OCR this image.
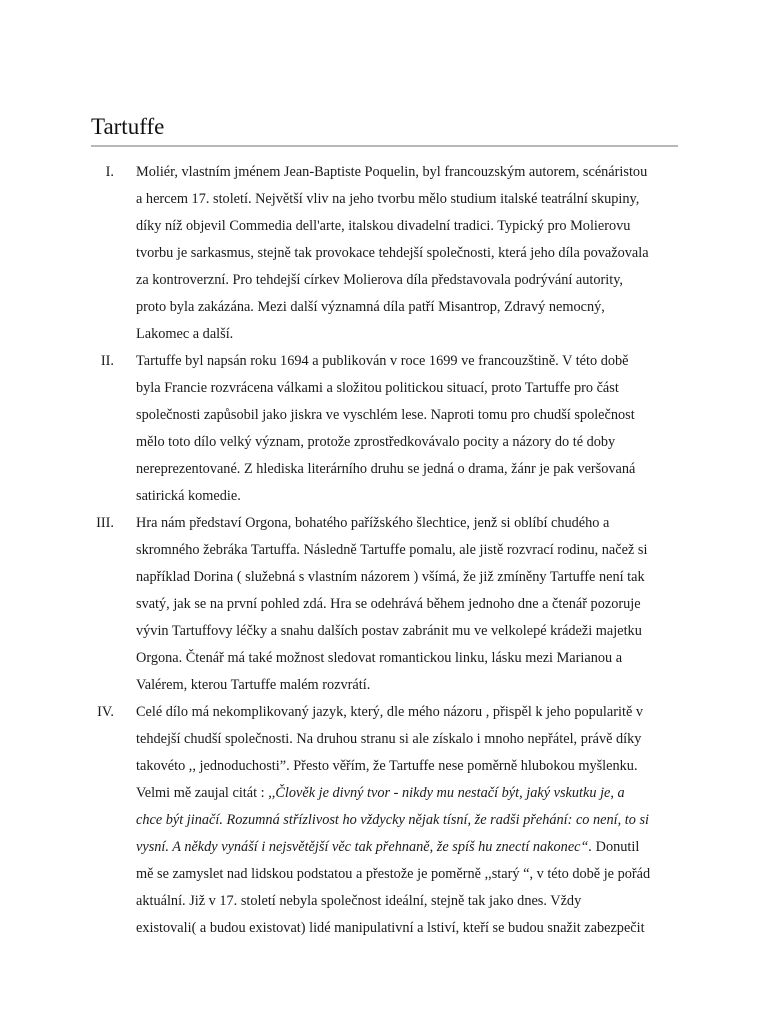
Tartuffe
I. Moliér, vlastním jménem Jean-Baptiste Poquelin, byl francouzským autorem, scénáristou
a hercem 17. století. Největší vliv na jeho tvorbu mělo studium italské teatrální skupiny,
díky níž objevil Commedia dell'arte, italskou divadelní tradici. Typický pro Molierovu
tvorbu je sarkasmus, stejně tak provokace tehdejší společnosti, která jeho díla považovala
za kontroverzní. Pro tehdejší církev Molierova díla představovala podrývání autority,
proto byla zakázána. Mezi další významná díla patří Misantrop, Zdravý nemocný,
Lakomec a další.
II. Tartuffe byl napsán roku 1694 a publikován v roce 1699 ve francouzštině. V této době
byla Francie rozvrácena válkami a složitou politickou situací, proto Tartuffe pro část
společnosti zapůsobil jako jiskra ve vyschlém lese. Naproti tomu pro chudší společnost
mělo toto dílo velký význam, protože zprostředkovávalo pocity a názory do té doby
nereprezentované. Z hlediska literárního druhu se jedná o drama, žánr je pak veršovaná
satirická komedie.
III. Hra nám představí Orgona, bohatého pařížského šlechtice, jenž si oblíbí chudého a
skromného žebráka Tartuffa. Následně Tartuffe pomalu, ale jistě rozvrací rodinu, načež si
například Dorina ( služebná s vlastním názorem ) všímá, že již zmíněny Tartuffe není tak
svatý, jak se na první pohled zdá. Hra se odehrává během jednoho dne a čtenář pozoruje
vývin Tartuffovy léčky a snahu dalších postav zabránit mu ve velkolepé krádeži majetku
Orgona. Čtenář má také možnost sledovat romantickou linku, lásku mezi Marianou a
Valérem, kterou Tartuffe malém rozvrátí.
IV. Celé dílo má nekomplikovaný jazyk, který, dle mého názoru , přispěl k jeho popularitě v
tehdejší chudší společnosti. Na druhou stranu si ale získalo i mnoho nepřátel, právě díky
takovéto ,, jednoduchosti”. Přesto věřím, že Tartuffe nese poměrně hlubokou myšlenku.
Velmi mě zaujal citát : ,,Člověk je divný tvor - nikdy mu nestačí být, jaký vskutku je, a
chce být jinačí. Rozumná střízlivost ho vždycky nějak tísní, že radši přehání: co není, to si
vysní. A někdy vynáší i nejsvětější věc tak přehnaně, že spíš hu znectí nakonec“. Donutil
mě se zamyslet nad lidskou podstatou a přestože je poměrně ,,starý “, v této době je pořád
aktuální. Již v 17. století nebyla společnost ideální, stejně tak jako dnes. Vždy
existovali( a budou existovat) lidé manipulativní a lstiví, kteří se budou snažit zabezpečit
